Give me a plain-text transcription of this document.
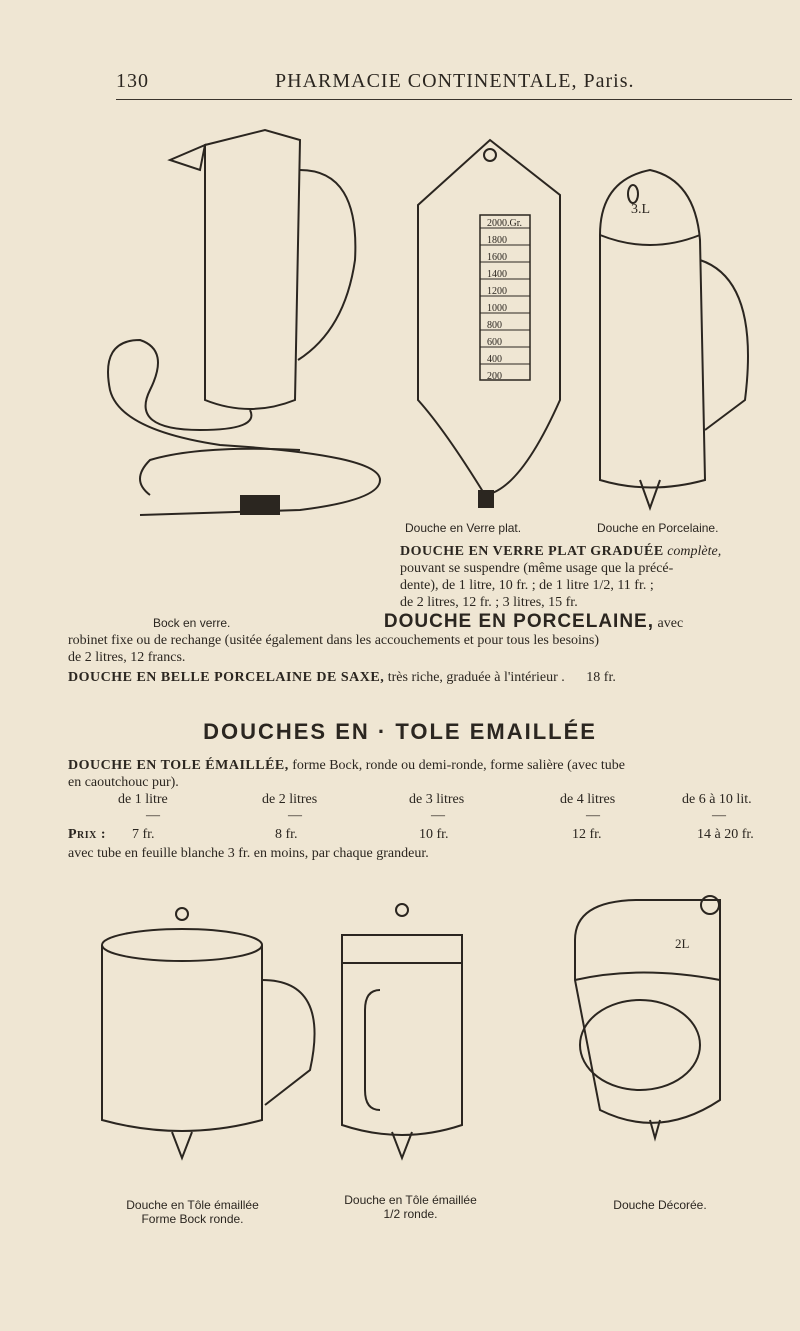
130	PHARMACIE CONTINENTALE, Paris.
Douche en Verre plat.	Douche en Porcelaine.
3.L
2000.Gr.
1800
1600
1400
1200
1000
800
600
400
200
DOUCHE EN VERRE PLAT GRADUÉE complète,
pouvant se suspendre (même usage que la précé-
dente), de 1 litre, 10 fr. ; de 1 litre 1/2, 11 fr. ;
de 2 litres, 12 fr. ; 3 litres, 15 fr.
Bock en verre.	DOUCHE EN PORCELAINE, avec
robinet fixe ou de rechange (usitée également dans les accouchements et pour tous les besoins)
de 2 litres, 12 francs.
DOUCHE EN BELLE PORCELAINE DE SAXE, très riche, graduée à l'intérieur . 18 fr.
DOUCHES EN · TOLE EMAILLÉE
DOUCHE EN TOLE ÉMAILLÉE, forme Bock, ronde ou demi-ronde, forme salière (avec tube
en caoutchouc pur).
de 1 litre	de 2 litres	de 3 litres	de 4 litres	de 6 à 10 lit.
—	—	—	—	—
Prix : 7 fr.	8 fr.	10 fr.	12 fr.	14 à 20 fr.
avec tube en feuille blanche 3 fr. en moins, par chaque grandeur.
2L
Douche en Tôle émaillée
Forme Bock ronde.
Douche en Tôle émaillée
1/2 ronde.
Douche Décorée.
